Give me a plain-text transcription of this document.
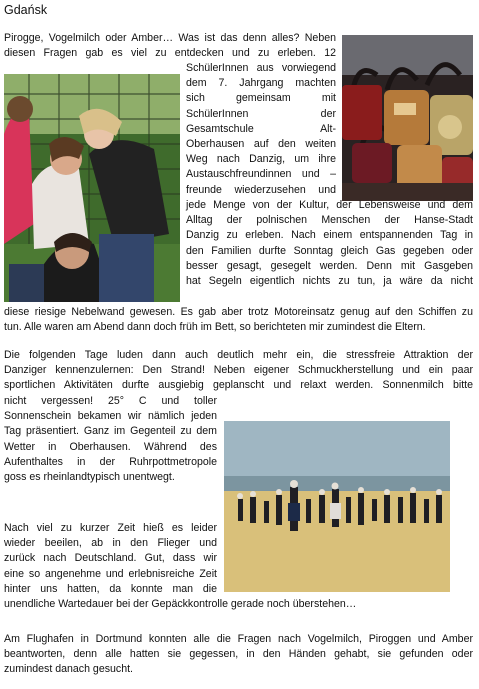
Gdańsk

Pirogge, Vogelmilch oder Amber… Was ist das denn alles? Neben
diesen Fragen gab es viel zu entdecken und zu erleben. 12

SchülerInnen aus vorwiegend
dem 7. Jahrgang machten
sich gemeinsam mit
SchülerInnen der
Gesamtschule Alt-
Oberhausen auf den weiten
Weg nach Danzig, um ihre
Austauschfreundinnen und –
freunde wiederzusehen und

jede Menge von der Kultur, der Lebensweise und dem
Alltag der polnischen Menschen der Hanse-Stadt
Danzig zu erleben. Nach einem entspannenden Tag in
den Familien durfte Sonntag gleich Gas gegeben oder
besser gesagt, gesegelt werden. Denn mit Gasgeben
hat Segeln eigentlich nichts zu tun, ja wäre da nicht

diese riesige Nebelwand gewesen. Es gab aber trotz Motoreinsatz genug auf den Schiffen zu
tun. Alle waren am Abend dann doch früh im Bett, so berichteten mir zumindest die Eltern.

Die folgenden Tage luden dann auch deutlich mehr ein, die stressfreie Attraktion der
Danziger kennenzulernen: Den Strand! Neben eigener Schmuckherstellung und ein paar
sportlichen Aktivitäten durfte ausgiebig geplanscht und relaxt werden. Sonnenmilch bitte

nicht vergessen! 25° C und toller
Sonnenschein bekamen wir nämlich jeden
Tag präsentiert. Ganz im Gegenteil zu dem
Wetter in Oberhausen. Während des
Aufenthaltes in der Ruhrpottmetropole
goss es rheinlandtypisch unentwegt.

Nach viel zu kurzer Zeit hieß es leider
wieder beeilen, ab in den Flieger und
zurück nach Deutschland. Gut, dass wir
eine so angenehme und erlebnisreiche Zeit
hinter uns hatten, da konnte man die

unendliche Wartedauer bei der Gepäckkontrolle gerade noch überstehen…

Am Flughafen in Dortmund konnten alle die Fragen nach Vogelmilch, Piroggen und Amber
beantworten, denn alle hatten sie gegessen, in den Händen gehabt, sie gefunden oder
zumindest danach gesucht.
